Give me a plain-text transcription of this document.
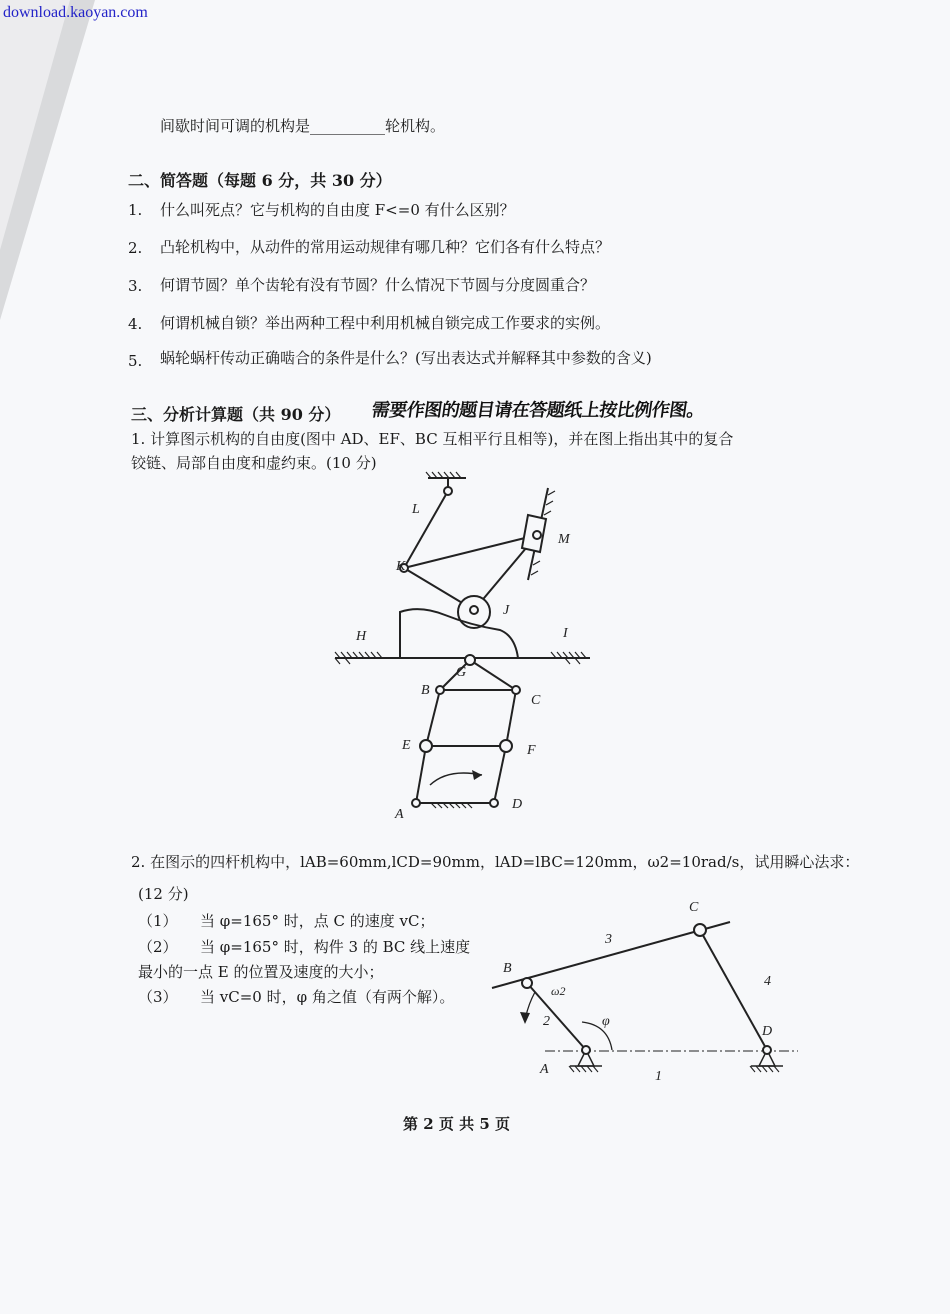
download.kaoyan.com
间歇时间可调的机构是__________轮机构。
二、简答题（每题 6 分，共 30 分）
1. 什么叫死点？它与机构的自由度 F<=0 有什么区别？
2. 凸轮机构中，从动件的常用运动规律有哪几种？它们各有什么特点？
3. 何谓节圆？单个齿轮有没有节圆？什么情况下节圆与分度圆重合？
4. 何谓机械自锁？举出两种工程中利用机械自锁完成工作要求的实例。
5. 蜗轮蜗杆传动正确啮合的条件是什么？(写出表达式并解释其中参数的含义)
三、分析计算题（共 90 分） 需要作图的题目请在答题纸上按比例作图。
1. 计算图示机构的自由度(图中 AD、EF、BC 互相平行且相等)，并在图上指出其中的复合
铰链、局部自由度和虚约束。(10 分)
L
M
K
J
H	I
G
B
C
E	F
A
D
2. 在图示的四杆机构中，lAB=60mm,lCD=90mm，lAD=lBC=120mm，ω2=10rad/s，试用瞬心法求：
(12 分)
（1） 当 φ=165° 时，点 C 的速度 vC；
（2） 当 φ=165° 时，构件 3 的 BC 线上速度
最小的一点 E 的位置及速度的大小；
（3） 当 vC=0 时，φ 角之值（有两个解）。
C
B
A
D
3
4
2
1
ω2
φ
第 2 页 共 5 页
